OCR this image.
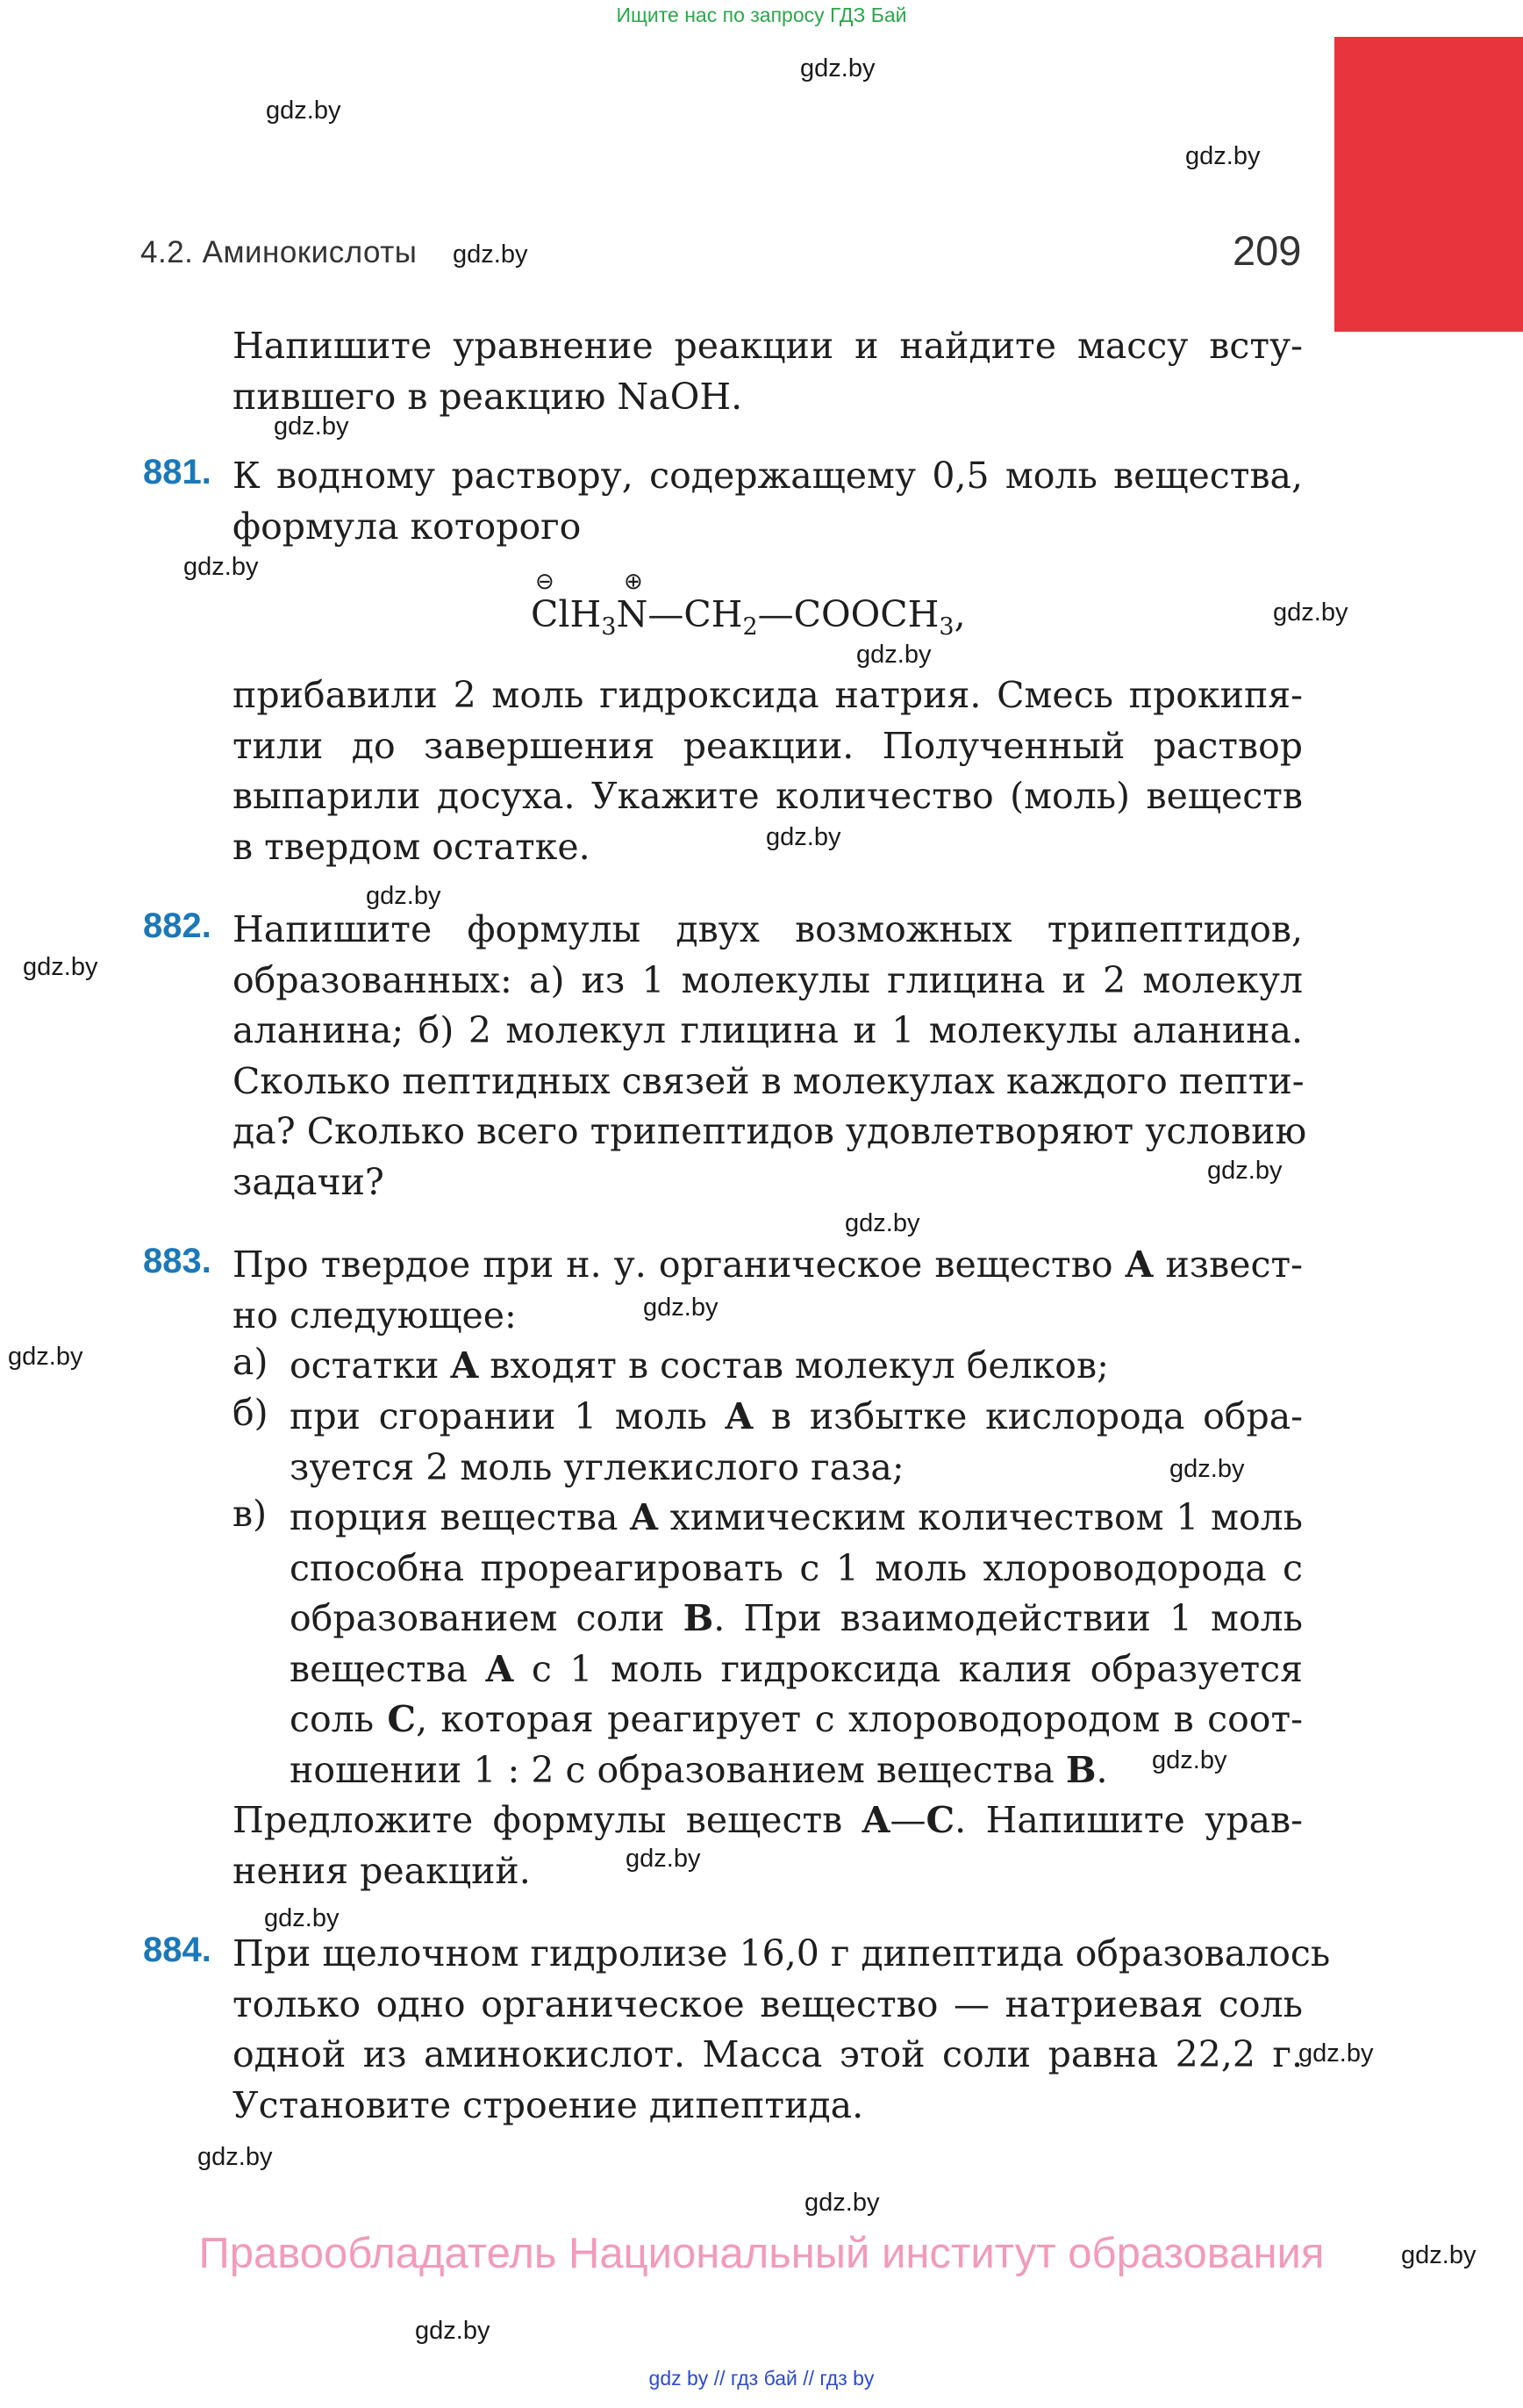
Ищите нас по запросу ГДЗ Бай
gdz.by
gdz.by
gdz.by
gdz.by
gdz.by
gdz.by
gdz.by
gdz.by
gdz.by
gdz.by
gdz.by
gdz.by
gdz.by
gdz.by
gdz.by
gdz.by
gdz.by
gdz.by
gdz.by
gdz.by
gdz.by
gdz.by
gdz.by
gdz.by
4.2. Аминокислоты	209
Напишите уравнение реакции и найдите массу всту-
пившего в реакцию NaOH.
881. К водному раствору, содержащему 0,5 моль вещества,
формула которого
$ClH_3N—CH_2—COOCH_3$,
⊖	⊕
прибавили 2 моль гидроксида натрия. Смесь прокипя-
тили до завершения реакции. Полученный раствор
выпарили досуха. Укажите количество (моль) веществ
в твердом остатке.
882. Напишите формулы двух возможных трипептидов,
образованных: а) из 1 молекулы глицина и 2 молекул
аланина; б) 2 молекул глицина и 1 молекулы аланина.
Сколько пептидных связей в молекулах каждого пепти-
да? Сколько всего трипептидов удовлетворяют условию
задачи?
883. Про твердое при н. у. органическое вещество A извест-
но следующее:
а) остатки A входят в состав молекул белков;
б) при сгорании 1 моль A в избытке кислорода обра-
зуется 2 моль углекислого газа;
в) порция вещества A химическим количеством 1 моль
способна прореагировать с 1 моль хлороводорода с
образованием соли B. При взаимодействии 1 моль
вещества A с 1 моль гидроксида калия образуется
соль C, которая реагирует с хлороводородом в соот-
ношении 1 : 2 с образованием вещества B.
Предложите формулы веществ A—C. Напишите урав-
нения реакций.
884. При щелочном гидролизе 16,0 г дипептида образовалось
только одно органическое вещество — натриевая соль
одной из аминокислот. Масса этой соли равна 22,2 г.
Установите строение дипептида.
Правообладатель Национальный институт образования
gdz by // гдз бай // гдз by
